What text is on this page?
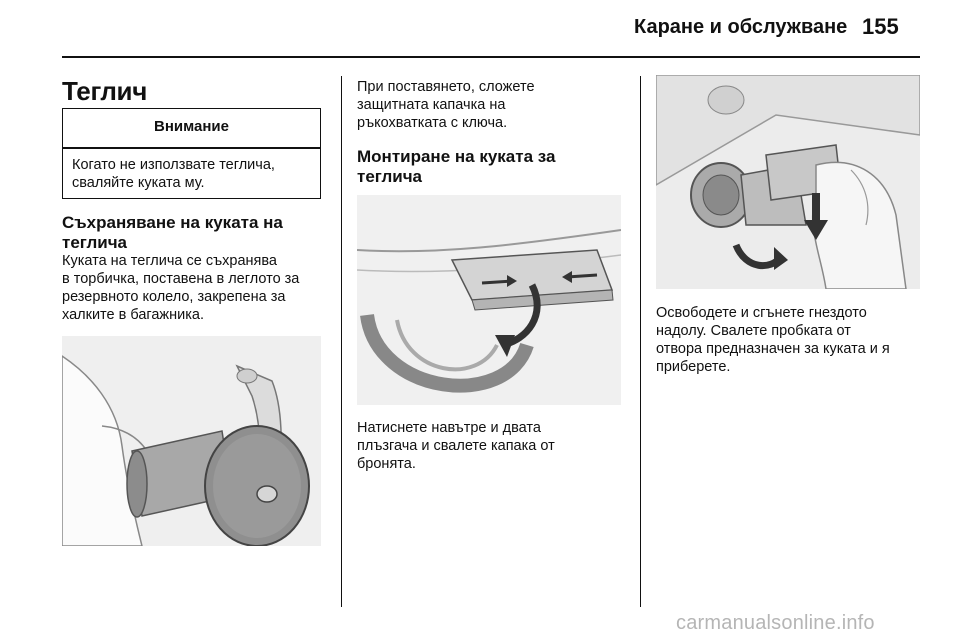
Каране и обслужване 155
Теглич
Внимание
Когато не използвате теглича,
сваляйте куката му.
Съхраняване на куката на
теглича
Куката на теглича се съхранява
в торбичка, поставена в леглото за
резервното колело, закрепена за
халките в багажника.
При поставянето, сложете
защитната капачка на
ръкохватката с ключа.
Монтиране на куката за
теглича
Натиснете навътре и двата
плъзгача и свалете капака от
бронята.
Освободете и сгънете гнездото
надолу. Свалете пробката от
отвора предназначен за куката и я
приберете.
carmanualsonline.info
